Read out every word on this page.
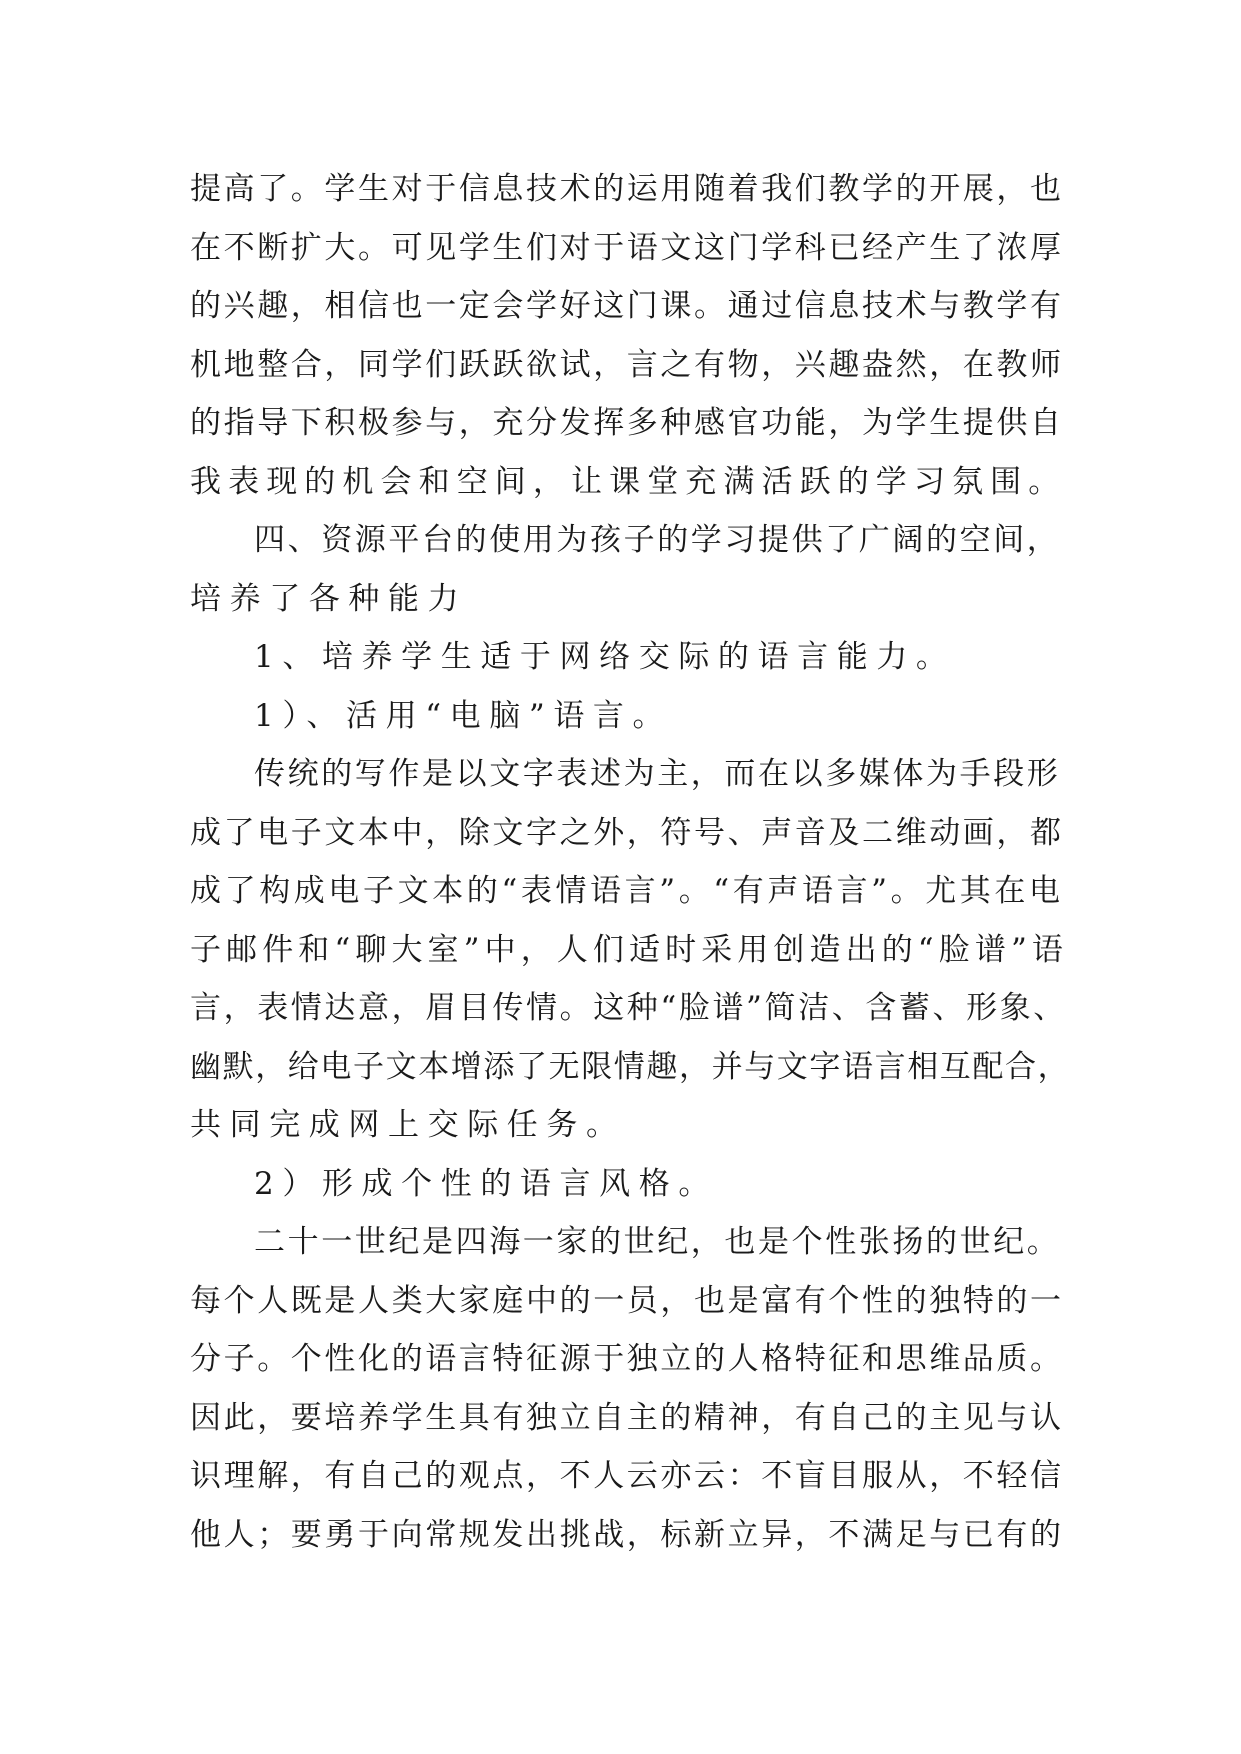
提高了。学生对于信息技术的运用随着我们教学的开展，也
在不断扩大。可见学生们对于语文这门学科已经产生了浓厚
的兴趣，相信也一定会学好这门课。通过信息技术与教学有
机地整合，同学们跃跃欲试，言之有物，兴趣盎然，在教师
的指导下积极参与，充分发挥多种感官功能，为学生提供自
我表现的机会和空间，让课堂充满活跃的学习氛围。
四、资源平台的使用为孩子的学习提供了广阔的空间，
培养了各种能力
1、培养学生适于网络交际的语言能力。
1）、活用“电脑”语言。
传统的写作是以文字表述为主，而在以多媒体为手段形
成了电子文本中，除文字之外，符号、声音及二维动画，都
成了构成电子文本的“表情语言”。“有声语言”。尤其在电
子邮件和“聊大室”中，人们适时采用创造出的“脸谱”语
言，表情达意，眉目传情。这种“脸谱”简洁、含蓄、形象、
幽默，给电子文本增添了无限情趣，并与文字语言相互配合，
共同完成网上交际任务。
2）形成个性的语言风格。
二十一世纪是四海一家的世纪，也是个性张扬的世纪。
每个人既是人类大家庭中的一员，也是富有个性的独特的一
分子。个性化的语言特征源于独立的人格特征和思维品质。
因此，要培养学生具有独立自主的精神，有自己的主见与认
识理解，有自己的观点，不人云亦云：不盲目服从，不轻信
他人；要勇于向常规发出挑战，标新立异，不满足与已有的
